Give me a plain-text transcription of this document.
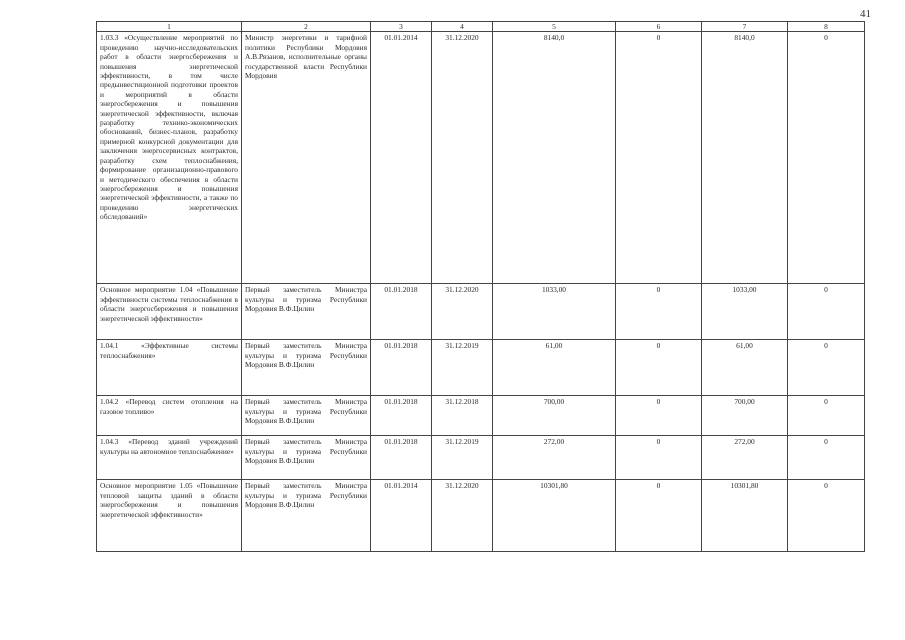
41
1	2	3	4	5	6	7	8
1.03.3 «Осуществление мероприятий по проведению научно-исследовательских работ в области энергосбережения и повышения энергетической эффективности, в том числе предынвестиционной подготовки проектов и мероприятий в области энергосбережения и повышения энергетической эффективности, включая разработку технико-экономических обоснований, бизнес-планов, разработку примерной конкурсной документации для заключения энергосервисных контрактов, разработку схем теплоснабжения, формирование организационно-правового и методического обеспечения в области энергосбережения и повышения энергетической эффективности, а также по проведению энергетических обследований»	Министр энергетики и тарифной политики Республики Мордовия А.В.Рязанов, исполнительные органы государственной власти Республики Мордовия	01.01.2014	31.12.2020	8140,0	0	8140,0	0
Основное мероприятие 1.04 «Повышение эффективности системы теплоснабжения в области энергосбережения и повышения энергетической эффективности»	Первый заместитель Министра культуры и туризма Республики Мордовия В.Ф.Цилин	01.01.2018	31.12.2020	1033,00	0	1033,00	0
1.04.1 «Эффективные системы теплоснабжения»	Первый заместитель Министра культуры и туризма Республики Мордовия В.Ф.Цилин	01.01.2018	31.12.2019	61,00	0	61,00	0
1.04.2 «Перевод систем отопления на газовое топливо»	Первый заместитель Министра культуры и туризма Республики Мордовия В.Ф.Цилин	01.01.2018	31.12.2018	700,00	0	700,00	0
1.04.3 «Перевод зданий учреждений культуры на автономное теплоснабжение»	Первый заместитель Министра культуры и туризма Республики Мордовия В.Ф.Цилин	01.01.2018	31.12.2019	272,00	0	272,00	0
Основное мероприятие 1.05 «Повышение тепловой защиты зданий в области энергосбережения и повышения энергетической эффективности»	Первый заместитель Министра культуры и туризма Республики Мордовия В.Ф.Цилин	01.01.2014	31.12.2020	10301,80	0	10301,80	0
